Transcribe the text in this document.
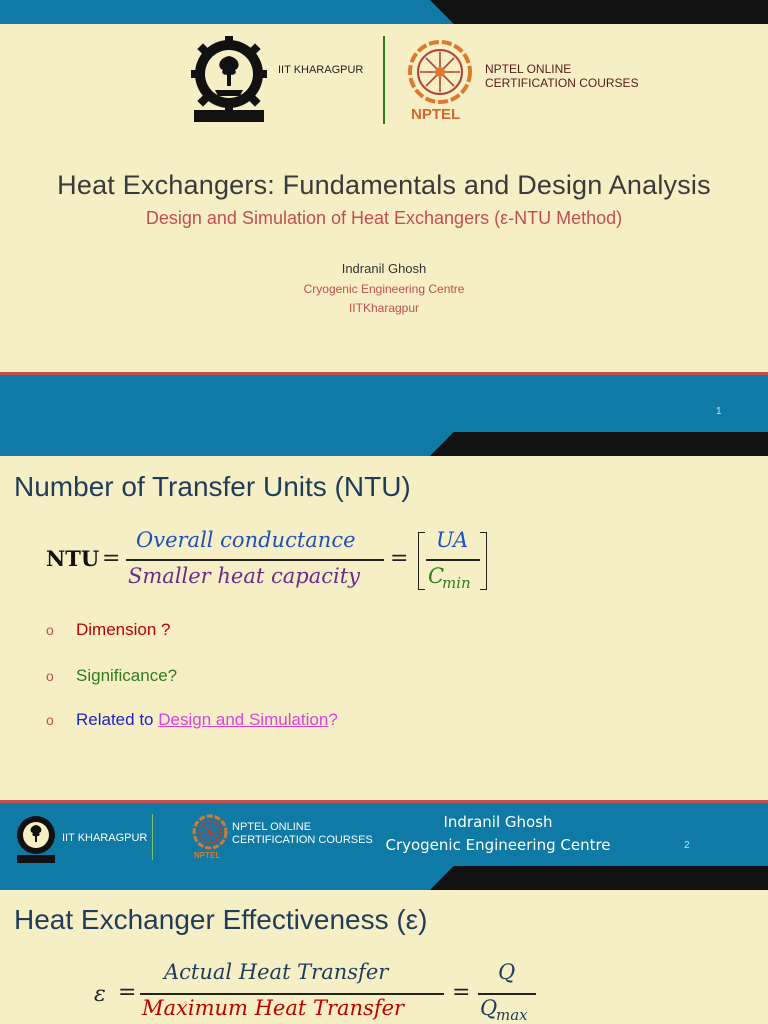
IIT KHARAGPUR
NPTEL
NPTEL ONLINE
CERTIFICATION COURSES
Heat Exchangers: Fundamentals and Design Analysis
Design and Simulation of Heat Exchangers (ε-NTU Method)
Indranil Ghosh
Cryogenic Engineering Centre
IITKharagpur
1
Number of Transfer Units (NTU)
NTU =
Overall conductance
Smaller heat capacity
=
UA
C
min
o Dimension ?
o Significance?
o Related to Design and Simulation?
IIT KHARAGPUR
NPTEL
NPTEL ONLINE
CERTIFICATION COURSES
Indranil Ghosh
Cryogenic Engineering Centre	2
Heat Exchanger Effectiveness (ε)
ε =
Actual Heat Transfer
Maximum Heat Transfer
=
Q
Q
max
